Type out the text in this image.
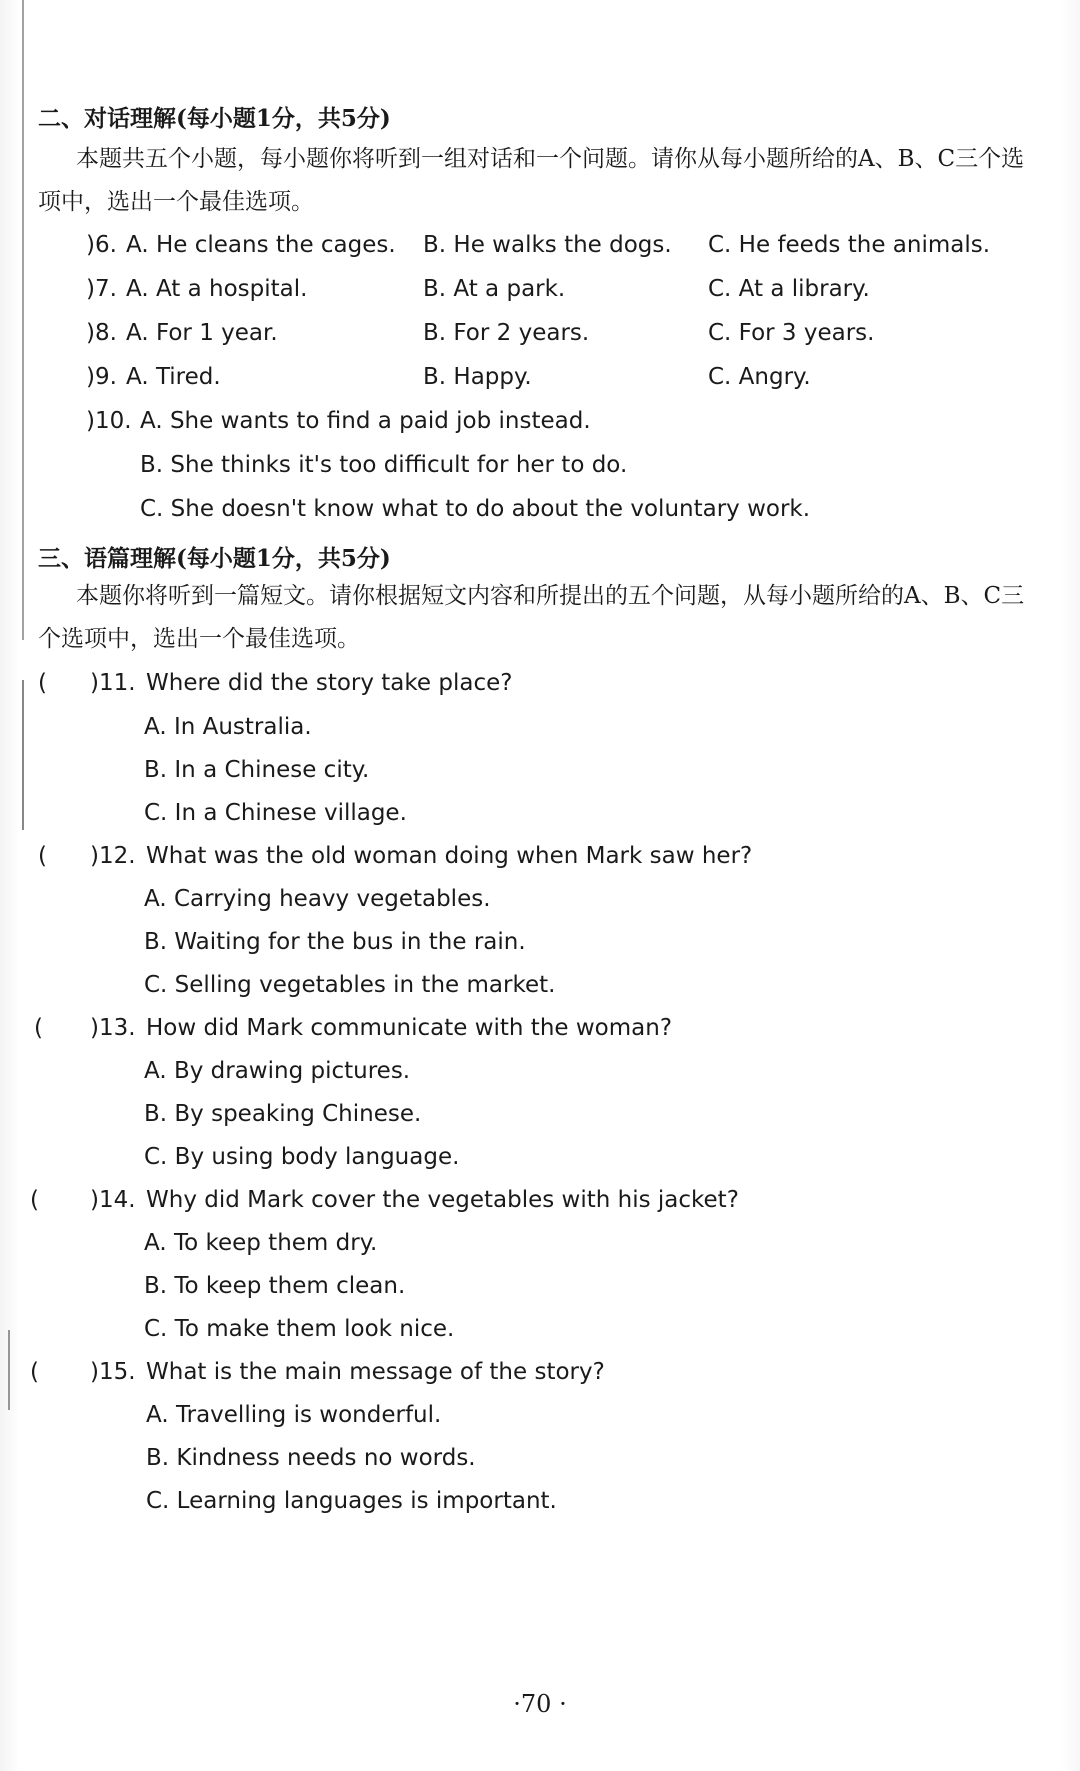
二、对话理解(每小题1分，共5分)
本题共五个小题，每小题你将听到一组对话和一个问题。请你从每小题所给的A、B、C三个选项中，选出一个最佳选项。
)6. A. He cleans the cages. B. He walks the dogs. C. He feeds the animals.
)7. A. At a hospital.	B. At a park.	C. At a library.
)8. A. For 1 year.	B. For 2 years.	C. For 3 years.
)9. A. Tired.	B. Happy.	C. Angry.
)10. A. She wants to find a paid job instead.
B. She thinks it's too difficult for her to do.
C. She doesn't know what to do about the voluntary work.
三、语篇理解(每小题1分，共5分)
本题你将听到一篇短文。请你根据短文内容和所提出的五个问题，从每小题所给的A、B、C三个选项中，选出一个最佳选项。
( )11. Where did the story take place?
A. In Australia.
B. In a Chinese city.
C. In a Chinese village.
( )12. What was the old woman doing when Mark saw her?
A. Carrying heavy vegetables.
B. Waiting for the bus in the rain.
C. Selling vegetables in the market.
( )13. How did Mark communicate with the woman?
A. By drawing pictures.
B. By speaking Chinese.
C. By using body language.
( )14. Why did Mark cover the vegetables with his jacket?
A. To keep them dry.
B. To keep them clean.
C. To make them look nice.
( )15. What is the main message of the story?
A. Travelling is wonderful.
B. Kindness needs no words.
C. Learning languages is important.
·70 ·
